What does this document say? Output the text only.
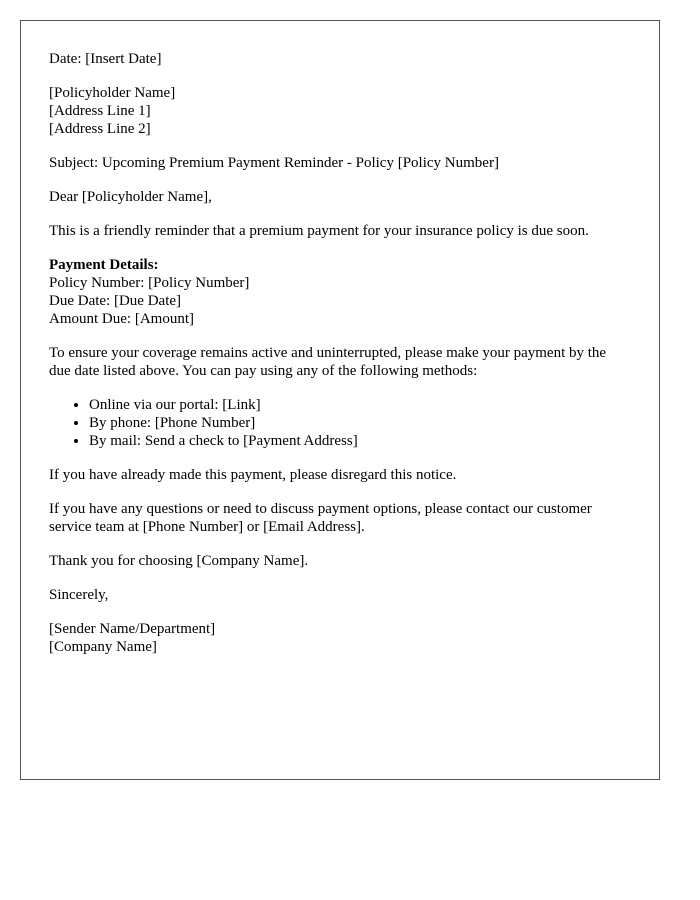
Date: [Insert Date]

[Policyholder Name]
[Address Line 1]
[Address Line 2]

Subject: Upcoming Premium Payment Reminder - Policy [Policy Number]

Dear [Policyholder Name],

This is a friendly reminder that a premium payment for your insurance policy is due soon.

Payment Details:
Policy Number: [Policy Number]
Due Date: [Due Date]
Amount Due: [Amount]

To ensure your coverage remains active and uninterrupted, please make your payment by the due date listed above. You can pay using any of the following methods:

• Online via our portal: [Link]
• By phone: [Phone Number]
• By mail: Send a check to [Payment Address]

If you have already made this payment, please disregard this notice.

If you have any questions or need to discuss payment options, please contact our customer service team at [Phone Number] or [Email Address].

Thank you for choosing [Company Name].

Sincerely,

[Sender Name/Department]
[Company Name]
